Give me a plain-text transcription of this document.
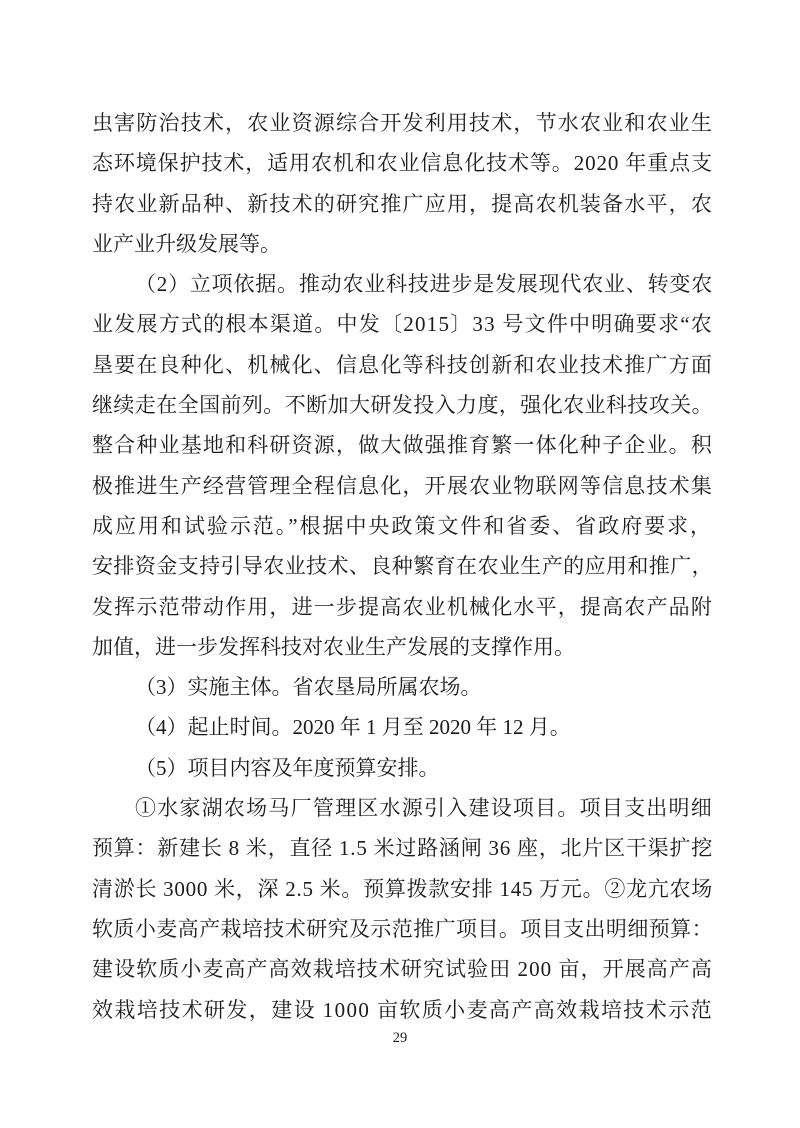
虫害防治技术，农业资源综合开发利用技术，节水农业和农业生
态环境保护技术，适用农机和农业信息化技术等。2020 年重点支
持农业新品种、新技术的研究推广应用，提高农机装备水平，农
业产业升级发展等。
（2）立项依据。推动农业科技进步是发展现代农业、转变农
业发展方式的根本渠道。中发〔2015〕33 号文件中明确要求“农
垦要在良种化、机械化、信息化等科技创新和农业技术推广方面
继续走在全国前列。不断加大研发投入力度，强化农业科技攻关。
整合种业基地和科研资源，做大做强推育繁一体化种子企业。积
极推进生产经营管理全程信息化，开展农业物联网等信息技术集
成应用和试验示范。”根据中央政策文件和省委、省政府要求，
安排资金支持引导农业技术、良种繁育在农业生产的应用和推广，
发挥示范带动作用，进一步提高农业机械化水平，提高农产品附
加值，进一步发挥科技对农业生产发展的支撑作用。
（3）实施主体。省农垦局所属农场。
（4）起止时间。2020 年 1 月至 2020 年 12 月。
（5）项目内容及年度预算安排。
①水家湖农场马厂管理区水源引入建设项目。项目支出明细
预算：新建长 8 米，直径 1.5 米过路涵闸 36 座，北片区干渠扩挖
清淤长 3000 米，深 2.5 米。预算拨款安排 145 万元。②龙亢农场
软质小麦高产栽培技术研究及示范推广项目。项目支出明细预算：
建设软质小麦高产高效栽培技术研究试验田 200 亩，开展高产高
效栽培技术研发，建设 1000 亩软质小麦高产高效栽培技术示范
29
